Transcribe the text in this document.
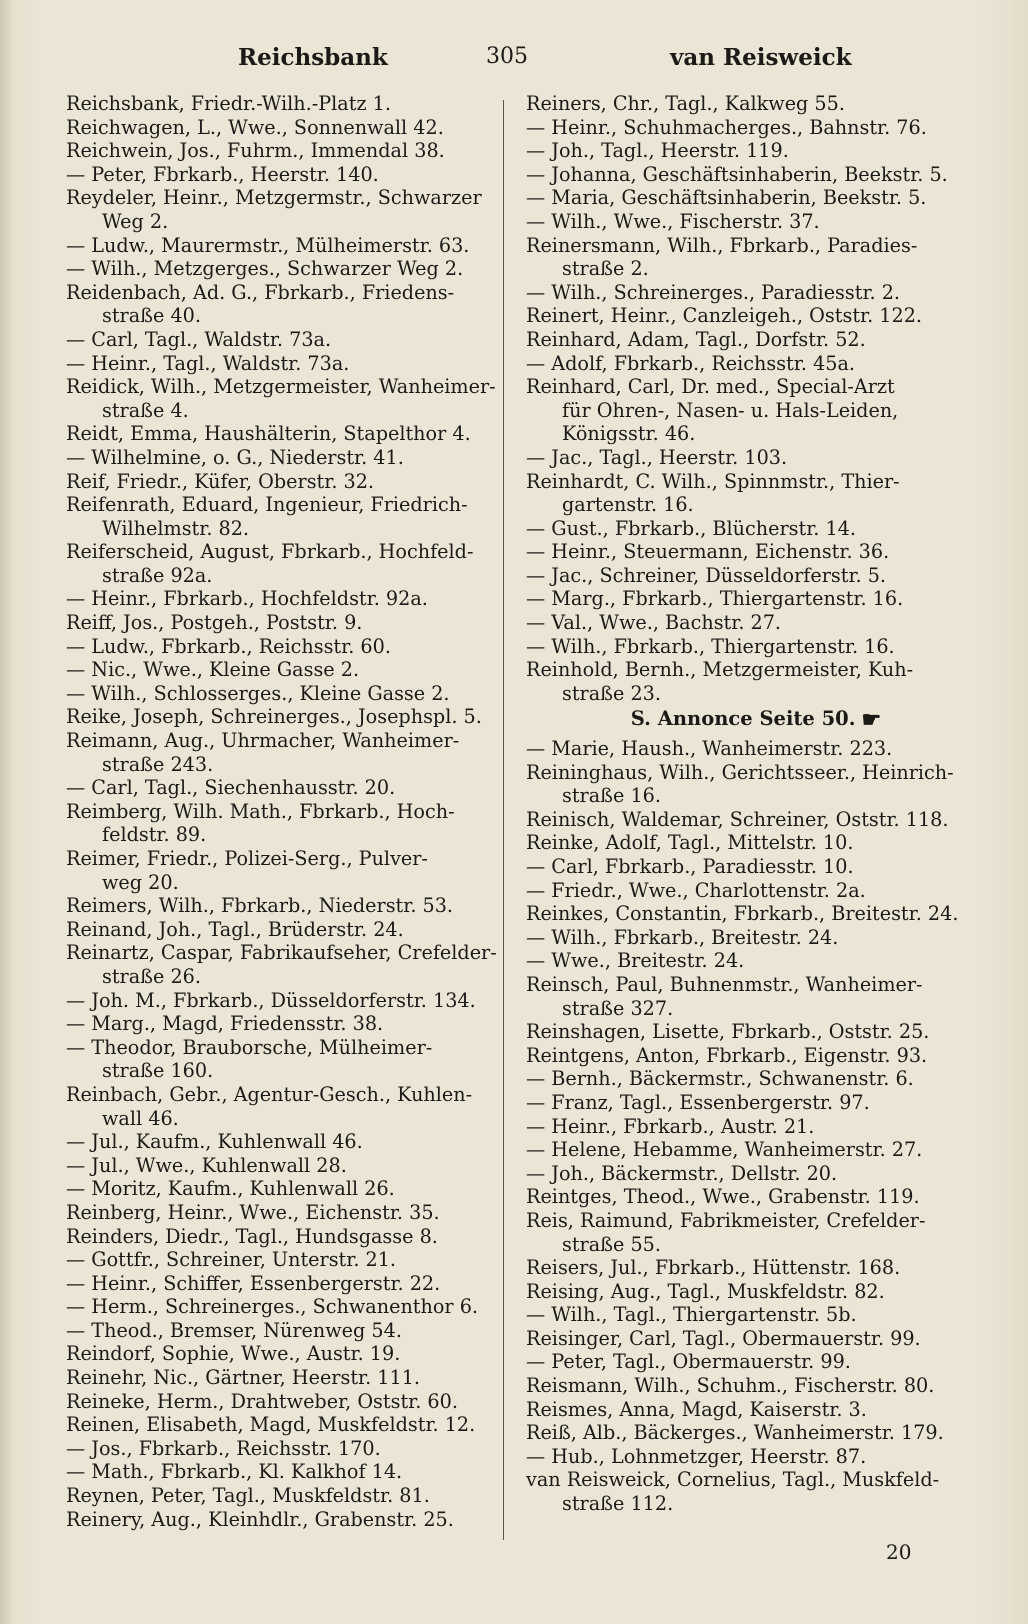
Reichsbank	305	van Reisweick
Reichsbank, Friedr.-Wilh.-Platz 1.
Reichwagen, L., Wwe., Sonnenwall 42.
Reichwein, Jos., Fuhrm., Immendal 38.
— Peter, Fbrkarb., Heerstr. 140.
Reydeler, Heinr., Metzgermstr., Schwarzer
Weg 2.
— Ludw., Maurermstr., Mülheimerstr. 63.
— Wilh., Metzgerges., Schwarzer Weg 2.
Reidenbach, Ad. G., Fbrkarb., Friedens-
straße 40.
— Carl, Tagl., Waldstr. 73a.
— Heinr., Tagl., Waldstr. 73a.
Reidick, Wilh., Metzgermeister, Wanheimer-
straße 4.
Reidt, Emma, Haushälterin, Stapelthor 4.
— Wilhelmine, o. G., Niederstr. 41.
Reif, Friedr., Küfer, Oberstr. 32.
Reifenrath, Eduard, Ingenieur, Friedrich-
Wilhelmstr. 82.
Reiferscheid, August, Fbrkarb., Hochfeld-
straße 92a.
— Heinr., Fbrkarb., Hochfeldstr. 92a.
Reiff, Jos., Postgeh., Poststr. 9.
— Ludw., Fbrkarb., Reichsstr. 60.
— Nic., Wwe., Kleine Gasse 2.
— Wilh., Schlosserges., Kleine Gasse 2.
Reike, Joseph, Schreinerges., Josephspl. 5.
Reimann, Aug., Uhrmacher, Wanheimer-
straße 243.
— Carl, Tagl., Siechenhausstr. 20.
Reimberg, Wilh. Math., Fbrkarb., Hoch-
feldstr. 89.
Reimer, Friedr., Polizei-Serg., Pulver-
weg 20.
Reimers, Wilh., Fbrkarb., Niederstr. 53.
Reinand, Joh., Tagl., Brüderstr. 24.
Reinartz, Caspar, Fabrikaufseher, Crefelder-
straße 26.
— Joh. M., Fbrkarb., Düsseldorferstr. 134.
— Marg., Magd, Friedensstr. 38.
— Theodor, Brauborsche, Mülheimer-
straße 160.
Reinbach, Gebr., Agentur-Gesch., Kuhlen-
wall 46.
— Jul., Kaufm., Kuhlenwall 46.
— Jul., Wwe., Kuhlenwall 28.
— Moritz, Kaufm., Kuhlenwall 26.
Reinberg, Heinr., Wwe., Eichenstr. 35.
Reinders, Diedr., Tagl., Hundsgasse 8.
— Gottfr., Schreiner, Unterstr. 21.
— Heinr., Schiffer, Essenbergerstr. 22.
— Herm., Schreinerges., Schwanenthor 6.
— Theod., Bremser, Nürenweg 54.
Reindorf, Sophie, Wwe., Austr. 19.
Reinehr, Nic., Gärtner, Heerstr. 111.
Reineke, Herm., Drahtweber, Oststr. 60.
Reinen, Elisabeth, Magd, Muskfeldstr. 12.
— Jos., Fbrkarb., Reichsstr. 170.
— Math., Fbrkarb., Kl. Kalkhof 14.
Reynen, Peter, Tagl., Muskfeldstr. 81.
Reinery, Aug., Kleinhdlr., Grabenstr. 25.
Reiners, Chr., Tagl., Kalkweg 55.
— Heinr., Schuhmacherges., Bahnstr. 76.
— Joh., Tagl., Heerstr. 119.
— Johanna, Geschäftsinhaberin, Beekstr. 5.
— Maria, Geschäftsinhaberin, Beekstr. 5.
— Wilh., Wwe., Fischerstr. 37.
Reinersmann, Wilh., Fbrkarb., Paradies-
straße 2.
— Wilh., Schreinerges., Paradiesstr. 2.
Reinert, Heinr., Canzleigeh., Oststr. 122.
Reinhard, Adam, Tagl., Dorfstr. 52.
— Adolf, Fbrkarb., Reichsstr. 45a.
Reinhard, Carl, Dr. med., Special-Arzt
für Ohren-, Nasen- u. Hals-Leiden,
Königsstr. 46.
— Jac., Tagl., Heerstr. 103.
Reinhardt, C. Wilh., Spinnmstr., Thier-
gartenstr. 16.
— Gust., Fbrkarb., Blücherstr. 14.
— Heinr., Steuermann, Eichenstr. 36.
— Jac., Schreiner, Düsseldorferstr. 5.
— Marg., Fbrkarb., Thiergartenstr. 16.
— Val., Wwe., Bachstr. 27.
— Wilh., Fbrkarb., Thiergartenstr. 16.
Reinhold, Bernh., Metzgermeister, Kuh-
straße 23.
S. Annonce Seite 50. ☛
— Marie, Haush., Wanheimerstr. 223.
Reininghaus, Wilh., Gerichtsseer., Heinrich-
straße 16.
Reinisch, Waldemar, Schreiner, Oststr. 118.
Reinke, Adolf, Tagl., Mittelstr. 10.
— Carl, Fbrkarb., Paradiesstr. 10.
— Friedr., Wwe., Charlottenstr. 2a.
Reinkes, Constantin, Fbrkarb., Breitestr. 24.
— Wilh., Fbrkarb., Breitestr. 24.
— Wwe., Breitestr. 24.
Reinsch, Paul, Buhnenmstr., Wanheimer-
straße 327.
Reinshagen, Lisette, Fbrkarb., Oststr. 25.
Reintgens, Anton, Fbrkarb., Eigenstr. 93.
— Bernh., Bäckermstr., Schwanenstr. 6.
— Franz, Tagl., Essenbergerstr. 97.
— Heinr., Fbrkarb., Austr. 21.
— Helene, Hebamme, Wanheimerstr. 27.
— Joh., Bäckermstr., Dellstr. 20.
Reintges, Theod., Wwe., Grabenstr. 119.
Reis, Raimund, Fabrikmeister, Crefelder-
straße 55.
Reisers, Jul., Fbrkarb., Hüttenstr. 168.
Reising, Aug., Tagl., Muskfeldstr. 82.
— Wilh., Tagl., Thiergartenstr. 5b.
Reisinger, Carl, Tagl., Obermauerstr. 99.
— Peter, Tagl., Obermauerstr. 99.
Reismann, Wilh., Schuhm., Fischerstr. 80.
Reismes, Anna, Magd, Kaiserstr. 3.
Reiß, Alb., Bäckerges., Wanheimerstr. 179.
— Hub., Lohnmetzger, Heerstr. 87.
van Reisweick, Cornelius, Tagl., Muskfeld-
straße 112.
20
